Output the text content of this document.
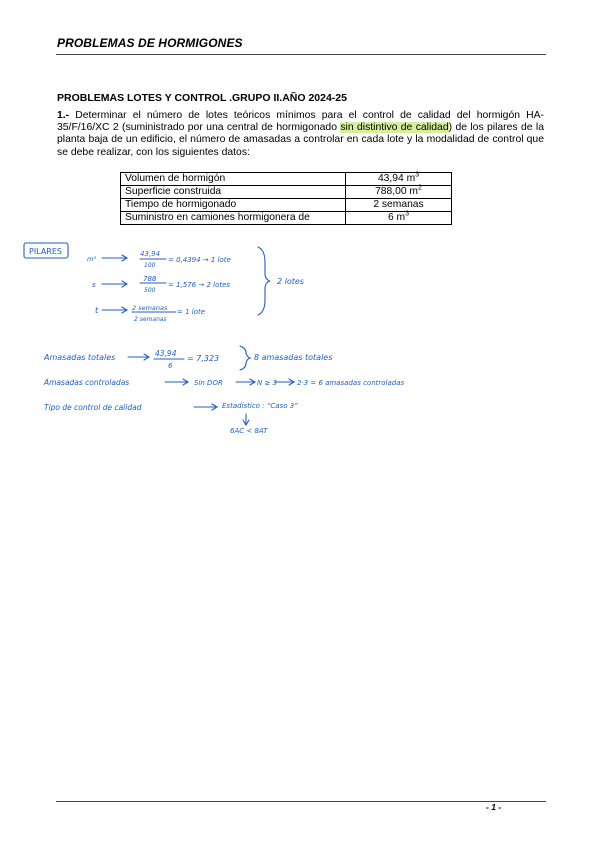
PROBLEMAS DE HORMIGONES
PROBLEMAS LOTES Y CONTROL .GRUPO II.AÑO 2024-25
1.- Determinar el número de lotes teóricos mínimos para el control de calidad del hormigón HA-35/F/16/XC 2 (suministrado por una central de hormigonado sin distintivo de calidad) de los pilares de la planta baja de un edificio, el número de amasadas a controlar en cada lote y la modalidad de control que se debe realizar, con los siguientes datos:
Volumen de hormigón	43,94 $m^3$
Superficie construida	788,00 $m^2$
Tiempo de hormigonado	2 semanas
Suministro en camiones hormigonera de	6 $m^3$
PILARES
m³
43,94
100
= 0,4394 → 1 lote
s
788
500
= 1,576 → 2 lotes
t	2 semanas
2 semanas
= 1 lote
2 lotes
Amasadas totales	43,94
6
= 7,323	8 amasadas totales
Amasadas controladas	Sin DOR	N ≥ 3	2·3 = 6 amasadas controladas
Tipo de control de calidad	Estadístico : “Caso 3”
6AC < 8AT
- 1 -
